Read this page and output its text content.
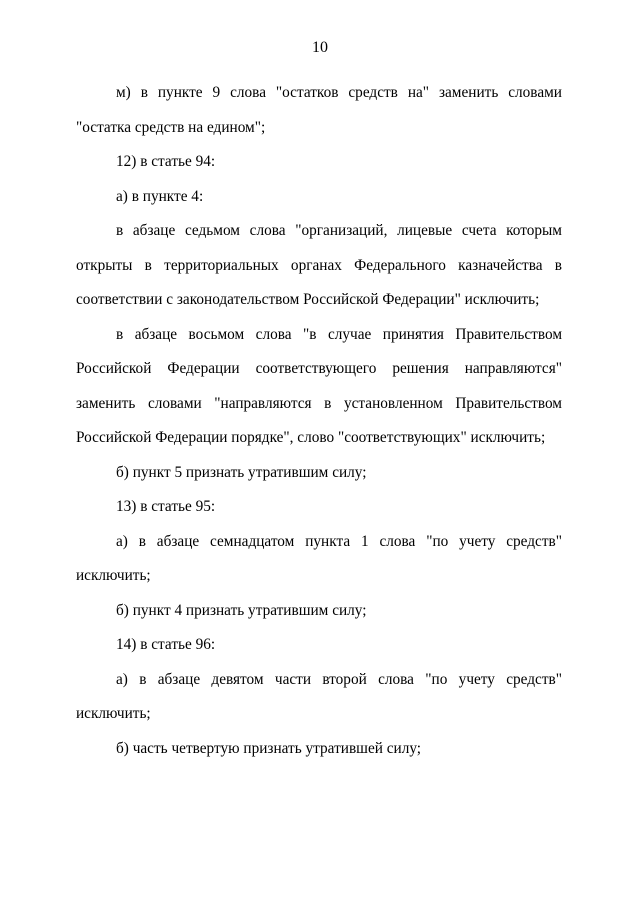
10

м) в пункте 9 слова "остатков средств на" заменить словами "остатка средств на едином";

12) в статье 94:

а) в пункте 4:

в абзаце седьмом слова "организаций, лицевые счета которым открыты в территориальных органах Федерального казначейства в соответствии с законодательством Российской Федерации" исключить;

в абзаце восьмом слова "в случае принятия Правительством Российской Федерации соответствующего решения направляются" заменить словами "направляются в установленном Правительством Российской Федерации порядке", слово "соответствующих" исключить;

б) пункт 5 признать утратившим силу;

13) в статье 95:

а) в абзаце семнадцатом пункта 1 слова "по учету средств" исключить;

б) пункт 4 признать утратившим силу;

14) в статье 96:

а) в абзаце девятом части второй слова "по учету средств" исключить;

б) часть четвертую признать утратившей силу;
